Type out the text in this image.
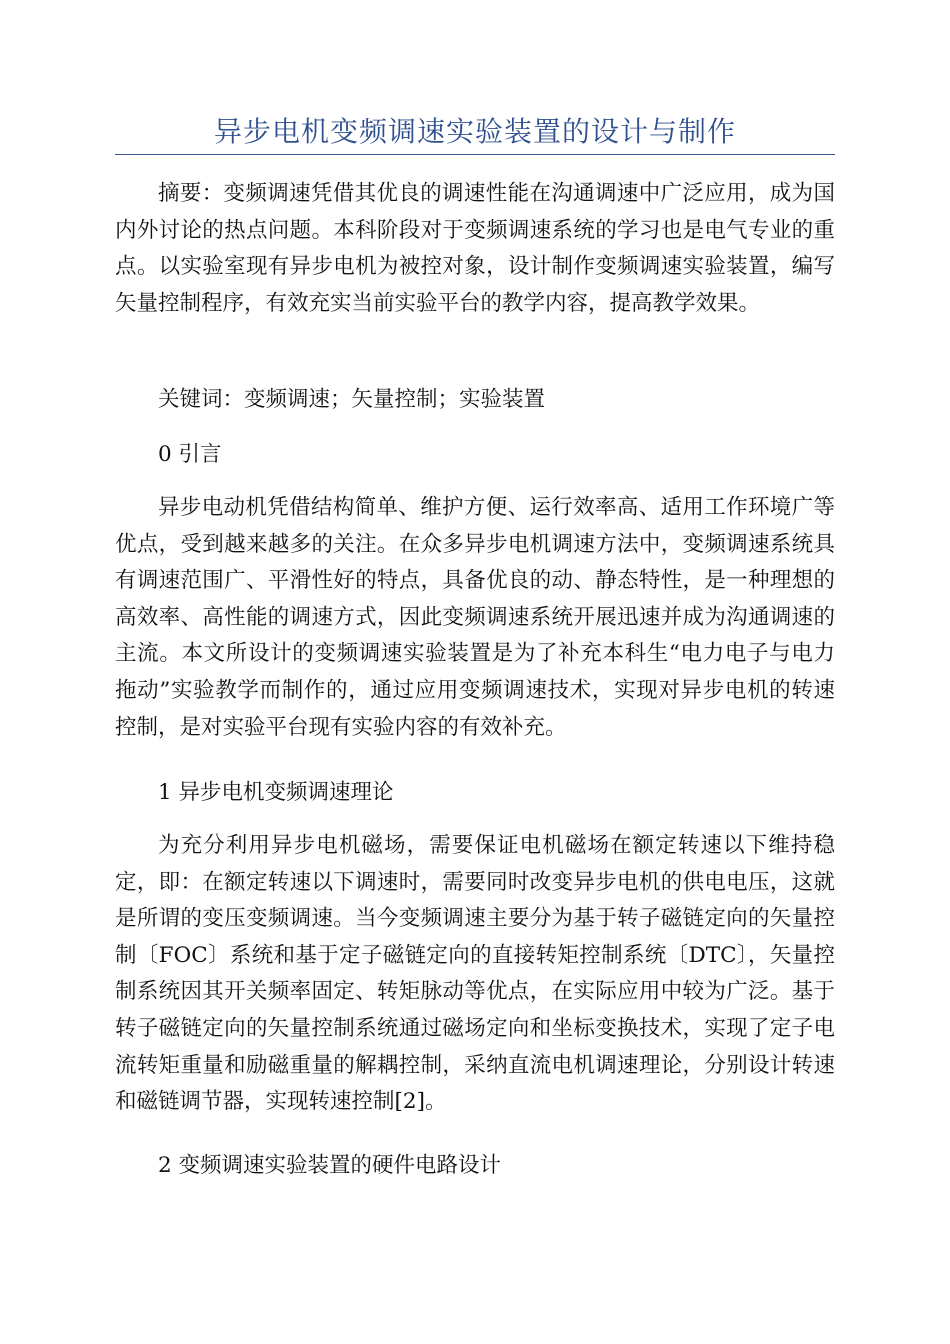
异步电机变频调速实验装置的设计与制作

摘要：变频调速凭借其优良的调速性能在沟通调速中广泛应用，成为国内外讨论的热点问题。本科阶段对于变频调速系统的学习也是电气专业的重点。以实验室现有异步电机为被控对象，设计制作变频调速实验装置，编写矢量控制程序，有效充实当前实验平台的教学内容，提高教学效果。

关键词：变频调速；矢量控制；实验装置

0 引言

异步电动机凭借结构简单、维护方便、运行效率高、适用工作环境广等优点，受到越来越多的关注。在众多异步电机调速方法中，变频调速系统具有调速范围广、平滑性好的特点，具备优良的动、静态特性，是一种理想的高效率、高性能的调速方式，因此变频调速系统开展迅速并成为沟通调速的主流。本文所设计的变频调速实验装置是为了补充本科生“电力电子与电力拖动”实验教学而制作的，通过应用变频调速技术，实现对异步电机的转速控制，是对实验平台现有实验内容的有效补充。

1 异步电机变频调速理论

为充分利用异步电机磁场，需要保证电机磁场在额定转速以下维持稳定，即：在额定转速以下调速时，需要同时改变异步电机的供电电压，这就是所谓的变压变频调速。当今变频调速主要分为基于转子磁链定向的矢量控制〔FOC〕系统和基于定子磁链定向的直接转矩控制系统〔DTC〕，矢量控制系统因其开关频率固定、转矩脉动等优点，在实际应用中较为广泛。基于转子磁链定向的矢量控制系统通过磁场定向和坐标变换技术，实现了定子电流转矩重量和励磁重量的解耦控制，采纳直流电机调速理论，分别设计转速和磁链调节器，实现转速控制[2]。

2 变频调速实验装置的硬件电路设计
